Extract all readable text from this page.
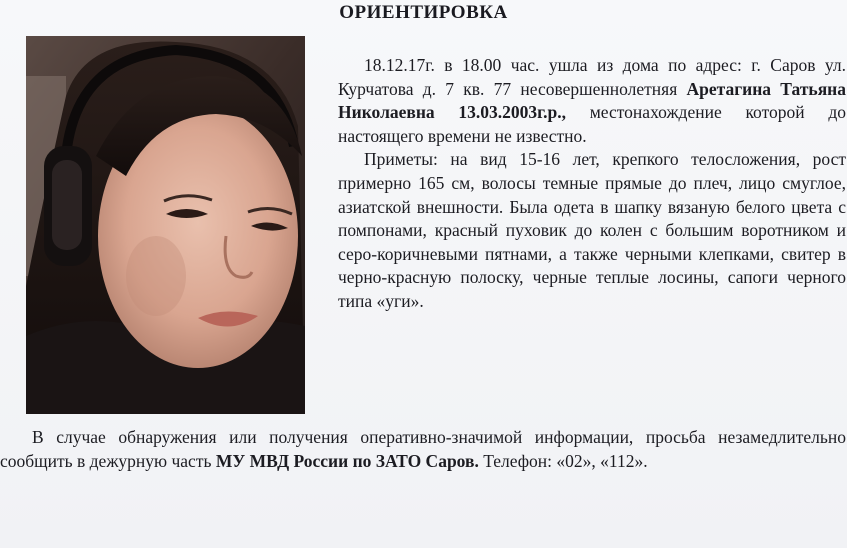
ОРИЕНТИРОВКА

18.12.17г. в 18.00 час. ушла из дома по адрес: г. Саров ул. Курчатова д. 7 кв. 77 несовершеннолетняя Аретагина Татьяна Николаевна 13.03.2003г.р., местонахождение которой до настоящего времени не известно.

Приметы: на вид 15-16 лет, крепкого телосложения, рост примерно 165 см, волосы темные прямые до плеч, лицо смуглое, азиатской внешности. Была одета в шапку вязаную белого цвета с помпонами, красный пуховик до колен с большим воротником и серо-коричневыми пятнами, а также черными клепками, свитер в черно-красную полоску, черные теплые лосины, сапоги черного типа «уги».

В случае обнаружения или получения оперативно-значимой информации, просьба незамедлительно сообщить в дежурную часть МУ МВД России по ЗАТО Саров. Телефон: «02», «112».
